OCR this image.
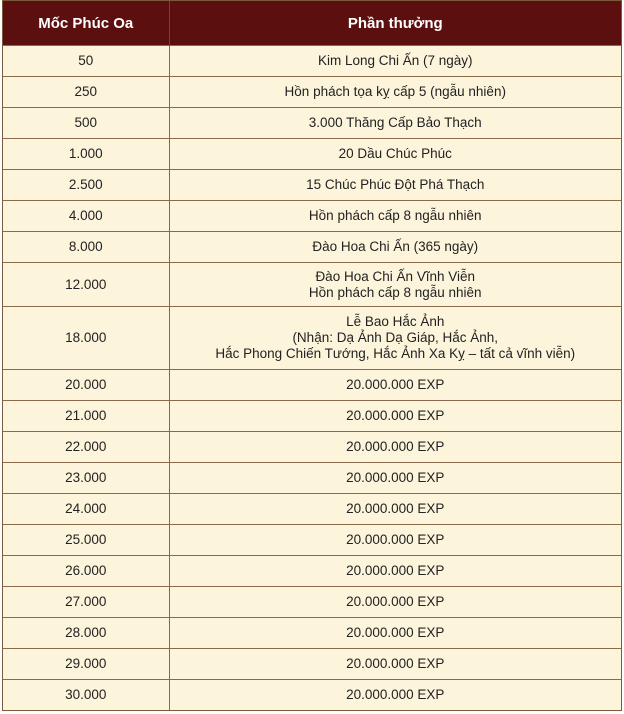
Mốc Phúc Oa	Phần thưởng
50	Kim Long Chi Ấn (7 ngày)

250	Hồn phách tọa kỵ cấp 5 (ngẫu nhiên)

500	3.000 Thăng Cấp Bảo Thạch

1.000	20 Dầu Chúc Phúc

2.500	15 Chúc Phúc Đột Phá Thạch

4.000	Hồn phách cấp 8 ngẫu nhiên

8.000	Đào Hoa Chi Ấn (365 ngày)

12.000	Đào Hoa Chi Ấn Vĩnh Viễn
Hồn phách cấp 8 ngẫu nhiên

18.000	Lễ Bao Hắc Ảnh
(Nhận: Dạ Ảnh Dạ Giáp, Hắc Ảnh,
Hắc Phong Chiến Tướng, Hắc Ảnh Xa Kỵ – tất cả vĩnh viễn)

20.000	20.000.000 EXP

21.000	20.000.000 EXP

22.000	20.000.000 EXP

23.000	20.000.000 EXP

24.000	20.000.000 EXP

25.000	20.000.000 EXP

26.000	20.000.000 EXP

27.000	20.000.000 EXP

28.000	20.000.000 EXP

29.000	20.000.000 EXP

30.000	20.000.000 EXP
